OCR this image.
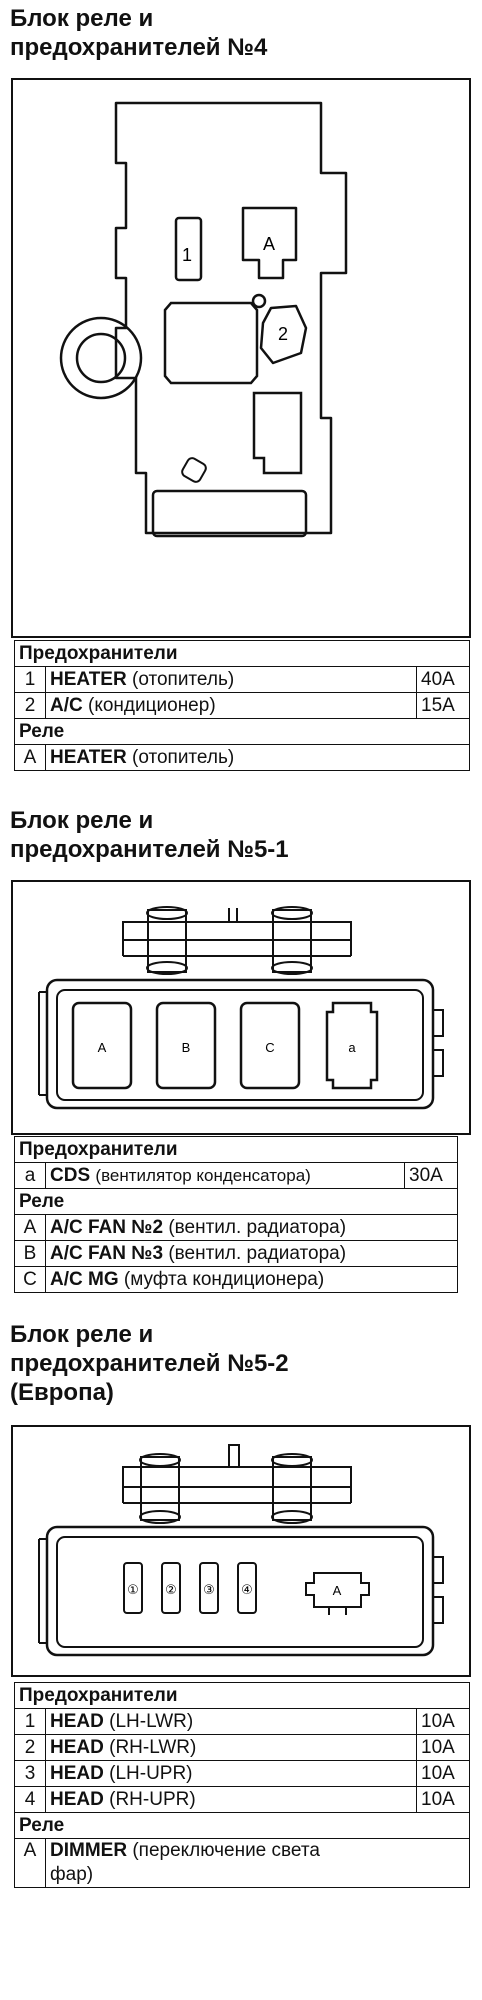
Блок реле и
предохранителей №4
1
A
2
Предохранители		
1	HEATER (отопитель)	40A
2	A/C (кондиционер)	15A
Реле		
A	HEATER (отопитель)	
Блок реле и
предохранителей №5-1
A	B	C	a
Предохранители		
a	CDS (вентилятор конденсатора)	30A
Реле		
A	A/C FAN №2 (вентил. радиатора)	
B	A/C FAN №3 (вентил. радиатора)	
C	A/C MG (муфта кондиционера)	
Блок реле и
предохранителей №5-2
(Европа)
① ② ③ ④	A
Предохранители		
1	HEAD (LH-LWR)	10A
2	HEAD (RH-LWR)	10A
3	HEAD (LH-UPR)	10A
4	HEAD (RH-UPR)	10A
Реле		
A	DIMMER (переключение света
фар)	
